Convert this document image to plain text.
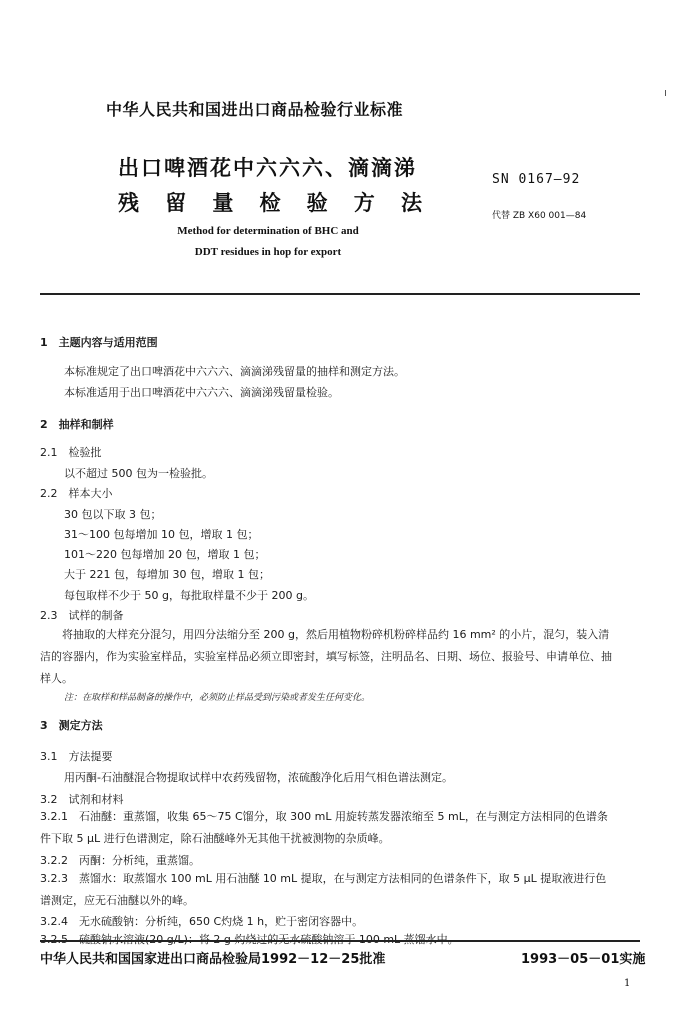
中华人民共和国进出口商品检验行业标准
出口啤酒花中六六六、滴滴涕
残 留 量 检 验 方 法
SN 0167—92
代替 ZB X60 001—84
Method for determination of BHC and
DDT residues in hop for export
1　主题内容与适用范围
本标准规定了出口啤酒花中六六六、滴滴涕残留量的抽样和测定方法。
本标准适用于出口啤酒花中六六六、滴滴涕残留量检验。
2　抽样和制样
2.1　检验批
以不超过 500 包为一检验批。
2.2　样本大小
30 包以下取 3 包；
31～100 包每增加 10 包，增取 1 包；
101～220 包每增加 20 包，增取 1 包；
大于 221 包，每增加 30 包，增取 1 包；
每包取样不少于 50 g，每批取样量不少于 200 g。
2.3　试样的制备
　　将抽取的大样充分混匀，用四分法缩分至 200 g，然后用植物粉碎机粉碎样品约 16 mm² 的小片，混匀，装入清洁的容器内，作为实验室样品，实验室样品必须立即密封，填写标签，注明品名、日期、场位、报验号、申请单位、抽样人。
注：在取样和样品制备的操作中，必须防止样品受到污染或者发生任何变化。
3　测定方法
3.1　方法提要
用丙酮-石油醚混合物提取试样中农药残留物，浓硫酸净化后用气相色谱法测定。
3.2　试剂和材料
3.2.1　石油醚：重蒸馏，收集 65～75 C馏分，取 300 mL 用旋转蒸发器浓缩至 5 mL，在与测定方法相同的色谱条件下取 5 μL 进行色谱测定，除石油醚峰外无其他干扰被测物的杂质峰。
3.2.2　丙酮：分析纯，重蒸馏。
3.2.3　蒸馏水：取蒸馏水 100 mL 用石油醚 10 mL 提取，在与测定方法相同的色谱条件下，取 5 μL 提取液进行色谱测定，应无石油醚以外的峰。
3.2.4　无水硫酸钠：分析纯，650 C灼烧 1 h，贮于密闭容器中。
中华人民共和国国家进出口商品检验局1992－12－25批准	1993－05－01实施
1
